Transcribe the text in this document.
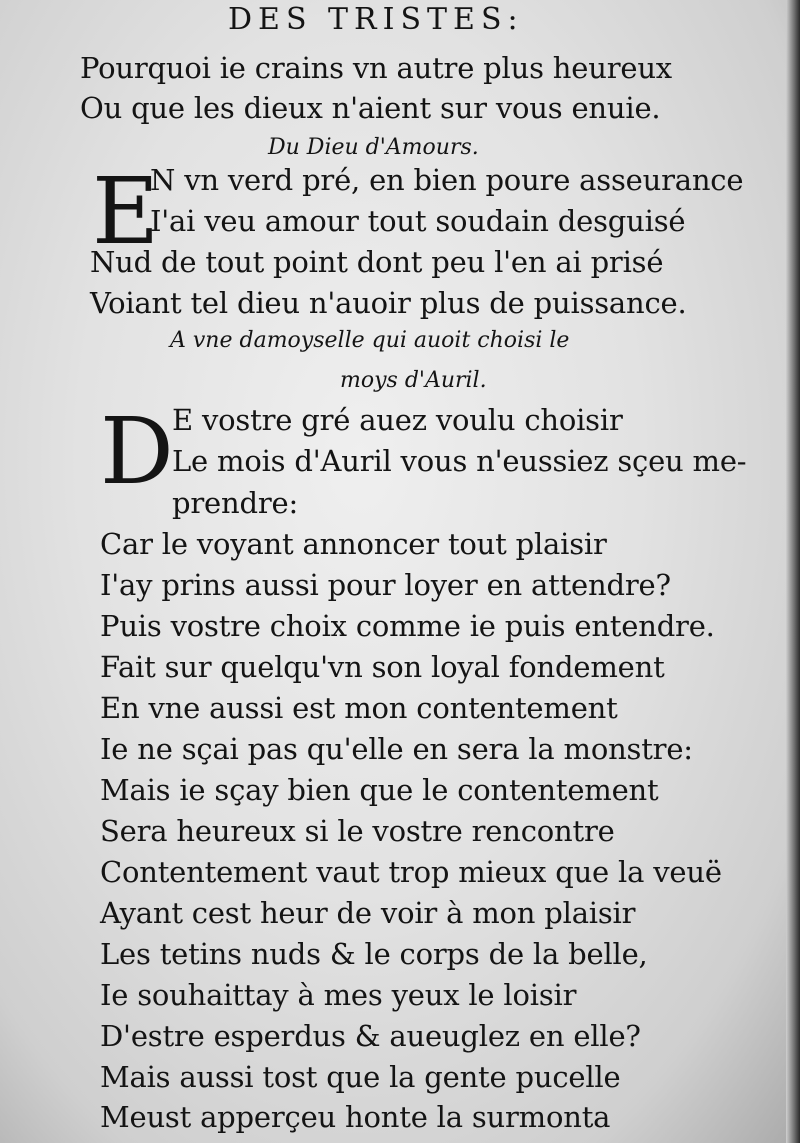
DES TRISTES:
Pourquoi ie crains vn autre plus heureux
Ou que les dieux n'aient sur vous enuie.
Du Dieu d'Amours.
E
N vn verd pré, en bien poure asseurance
I'ai veu amour tout soudain desguisé
Nud de tout point dont peu l'en ai prisé
Voiant tel dieu n'auoir plus de puissance.
A vne damoyselle qui auoit choisi le
moys d'Auril.
D
E vostre gré auez voulu choisir
Le mois d'Auril vous n'eussiez sçeu me-
prendre:
Car le voyant annoncer tout plaisir
I'ay prins aussi pour loyer en attendre?
Puis vostre choix comme ie puis entendre.
Fait sur quelqu'vn son loyal fondement
En vne aussi est mon contentement
Ie ne sçai pas qu'elle en sera la monstre:
Mais ie sçay bien que le contentement
Sera heureux si le vostre rencontre
Contentement vaut trop mieux que la veuë
Ayant cest heur de voir à mon plaisir
Les tetins nuds & le corps de la belle,
Ie souhaittay à mes yeux le loisir
D'estre esperdus & aueuglez en elle?
Mais aussi tost que la gente pucelle
Meust apperçeu honte la surmonta
